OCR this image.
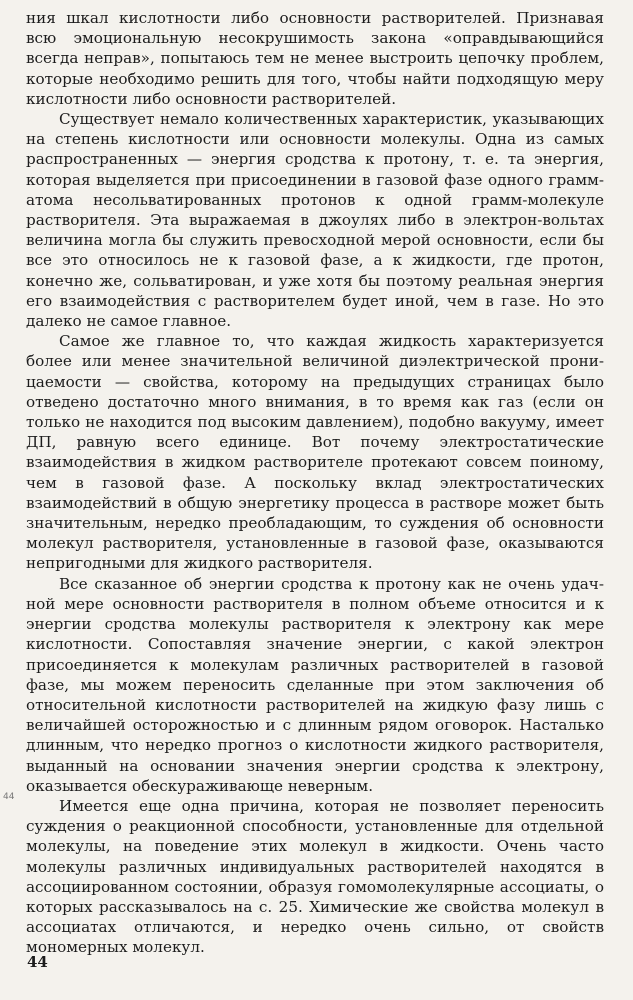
ния шкал кислотности либо основности растворителей. Признавая всю эмоциональную несокрушимость закона «оправдывающийся всегда неправ», попытаюсь тем не менее выстроить цепочку проблем, которые необходимо решить для того, чтобы найти подходящую меру кислотности либо основности растворителей.

Существует немало количественных характеристик, указывающих на степень кислотности или основности молекулы. Одна из самых распространенных — энергия сродства к протону, т. е. та энергия, которая выделяется при присоединении в газовой фазе одного грамм-атома несольватированных протонов к одной грамм-молекуле растворителя. Эта выражаемая в джоулях либо в электрон-вольтах величина могла бы служить превосходной мерой основности, если бы все это относилось не к газовой фазе, а к жидкости, где протон, конечно же, сольватирован, и уже хотя бы поэтому реальная энергия его взаимодействия с растворителем будет иной, чем в газе. Но это далеко не самое главное.

Самое же главное то, что каждая жидкость характеризуется более или менее значительной величиной диэлектрической проницаемости — свойства, которому на предыдущих страницах было отведено достаточно много внимания, в то время как газ (если он только не находится под высоким давлением), подобно вакууму, имеет ДП, равную всего единице. Вот почему электростатические взаимодействия в жидком растворителе протекают совсем поиному, чем в газовой фазе. А поскольку вклад электростатических взаимодействий в общую энергетику процесса в растворе может быть значительным, нередко преобладающим, то суждения об основности молекул растворителя, установленные в газовой фазе, оказываются непригодными для жидкого растворителя.

Все сказанное об энергии сродства к протону как не очень удачной мере основности растворителя в полном объеме относится и к энергии сродства молекулы растворителя к электрону как мере кислотности. Сопоставляя значение энергии, с какой электрон присоединяется к молекулам различных растворителей в газовой фазе, мы можем переносить сделанные при этом заключения об относительной кислотности растворителей на жидкую фазу лишь с величайшей осторожностью и с длинным рядом оговорок. Насталько длинным, что нередко прогноз о кислотности жидкого растворителя, выданный на основании значения энергии сродства к электрону, оказывается обескураживающе неверным.

Имеется еще одна причина, которая не позволяет переносить суждения о реакционной способности, установленные для отдельной молекулы, на поведение этих молекул в жидкости. Очень часто молекулы различных индивидуальных растворителей находятся в ассоциированном состоянии, образуя гомомолекулярные ассоциаты, о которых рассказывалось на с. 25. Химические же свойства молекул в ассоциатах отличаются, и нередко очень сильно, от свойств мономерных молекул.

44
44
